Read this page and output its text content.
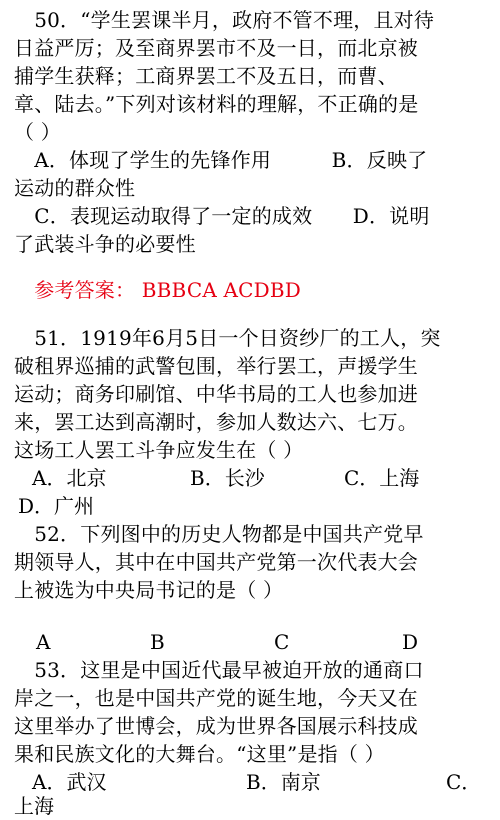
　50．“学生罢课半月，政府不管不理，且对待
日益严厉；及至商界罢市不及一日，而北京被
捕学生获释；工商界罢工不及五日，而曹、
章、陆去。”下列对该材料的理解，不正确的是
（ ）
　A．体现了学生的先锋作用　　　B．反映了
运动的群众性
　C．表现运动取得了一定的成效　　D．说明
了武装斗争的必要性
　参考答案： BBBCA ACDBD
　51．1919年6月5日一个日资纱厂的工人，突
破租界巡捕的武警包围，举行罢工，声援学生
运动；商务印刷馆、中华书局的工人也参加进
来，罢工达到高潮时，参加人数达六、七万。
这场工人罢工斗争应发生在（ ）
A．北京	B．长沙	C．上海
D．广州
　52．下列图中的历史人物都是中国共产党早
期领导人，其中在中国共产党第一次代表大会
上被选为中央局书记的是（ ）
A	B	C	D
　53．这里是中国近代最早被迫开放的通商口
岸之一，也是中国共产党的诞生地，今天又在
这里举办了世博会，成为世界各国展示科技成
果和民族文化的大舞台。“这里”是指（ ）
A．武汉	B．南京	C．
上海
